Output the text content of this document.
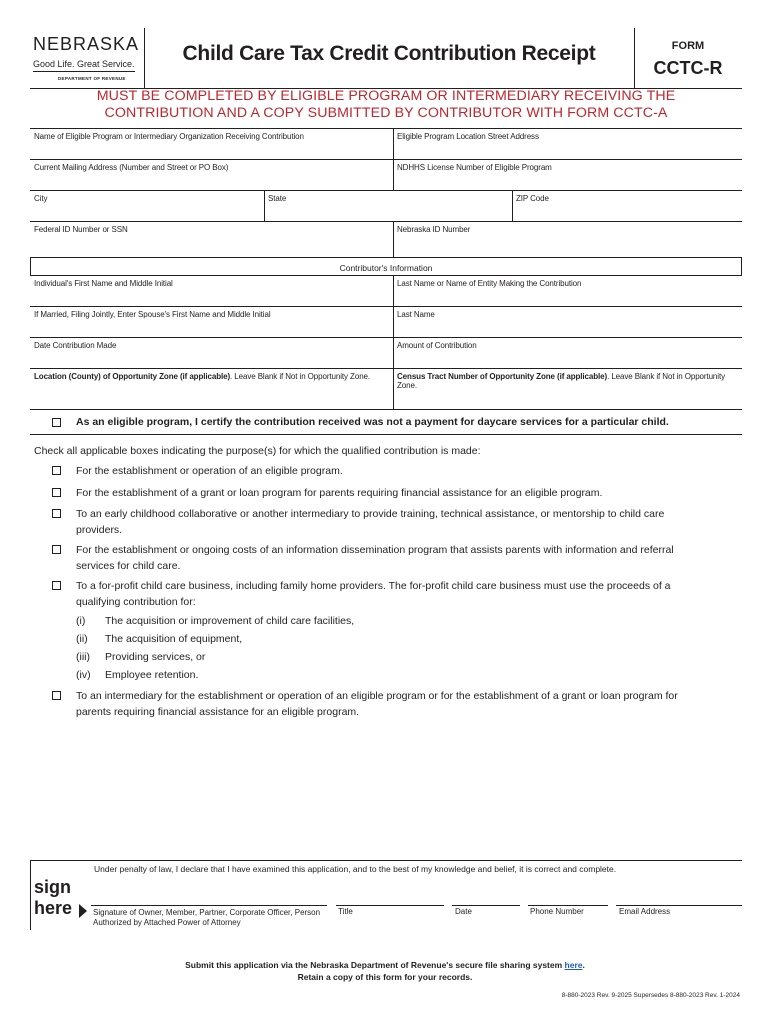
NEBRASKA
Good Life. Great Service.
DEPARTMENT OF REVENUE
Child Care Tax Credit Contribution Receipt	FORM
CCTC-R
MUST BE COMPLETED BY ELIGIBLE PROGRAM OR INTERMEDIARY RECEIVING THE
CONTRIBUTION AND A COPY SUBMITTED BY CONTRIBUTOR WITH FORM CCTC-A
Name of Eligible Program or Intermediary Organization Receiving Contribution	Eligible Program Location Street Address
Current Mailing Address (Number and Street or PO Box)	NDHHS License Number of Eligible Program
City	State	ZIP Code
Federal ID Number or SSN	Nebraska ID Number
Contributor's Information
Individual's First Name and Middle Initial	Last Name or Name of Entity Making the Contribution
If Married, Filing Jointly, Enter Spouse's First Name and Middle Initial	Last Name
Date Contribution Made	Amount of Contribution
Location (County) of Opportunity Zone (if applicable). Leave Blank if Not in Opportunity Zone.	Census Tract Number of Opportunity Zone (if applicable). Leave Blank if Not in Opportunity Zone.
As an eligible program, I certify the contribution received was not a payment for daycare services for a particular child.
Check all applicable boxes indicating the purpose(s) for which the qualified contribution is made:
For the establishment or operation of an eligible program.
For the establishment of a grant or loan program for parents requiring financial assistance for an eligible program.
To an early childhood collaborative or another intermediary to provide training, technical assistance, or mentorship to child care providers.
For the establishment or ongoing costs of an information dissemination program that assists parents with information and referral services for child care.
To a for-profit child care business, including family home providers. The for-profit child care business must use the proceeds of a qualifying contribution for:
(i) The acquisition or improvement of child care facilities,
(ii) The acquisition of equipment,
(iii) Providing services, or
(iv) Employee retention.
To an intermediary for the establishment or operation of an eligible program or for the establishment of a grant or loan program for parents requiring financial assistance for an eligible program.
Under penalty of law, I declare that I have examined this application, and to the best of my knowledge and belief, it is correct and complete.
sign
here	Signature of Owner, Member, Partner, Corporate Officer, Person Authorized by Attached Power of Attorney
Title	Date	Phone Number	Email Address
Submit this application via the Nebraska Department of Revenue's secure file sharing system here.
Retain a copy of this form for your records.
8-880-2023 Rev. 9-2025 Supersedes 8-880-2023 Rev. 1-2024
